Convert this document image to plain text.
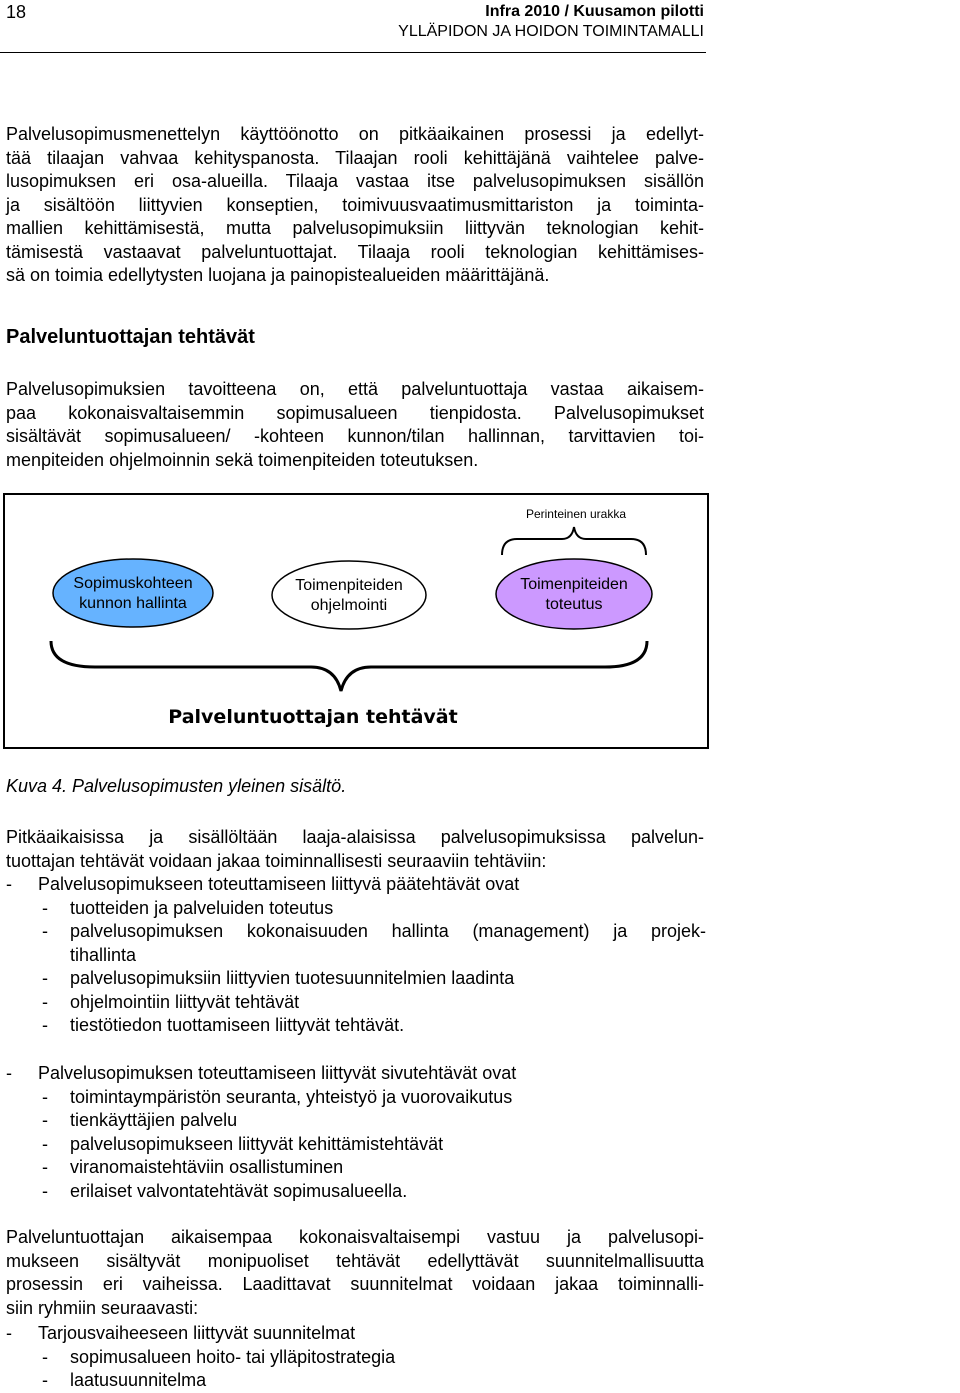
18	Infra 2010 / Kuusamon pilotti
YLLÄPIDON JA HOIDON TOIMINTAMALLI

Palvelusopimusmenettelyn käyttöönotto on pitkäaikainen prosessi ja edellyt-
tää tilaajan vahvaa kehityspanosta. Tilaajan rooli kehittäjänä vaihtelee palve-
lusopimuksen eri osa-alueilla. Tilaaja vastaa itse palvelusopimuksen sisällön
ja sisältöön liittyvien konseptien, toimivuusvaatimusmittariston ja toiminta-
mallien kehittämisestä, mutta palvelusopimuksiin liittyvän teknologian kehit-
tämisestä vastaavat palveluntuottajat. Tilaaja rooli teknologian kehittämises-
sä on toimia edellytysten luojana ja painopistealueiden määrittäjänä.

Palveluntuottajan tehtävät

Palvelusopimuksien tavoitteena on, että palveluntuottaja vastaa aikaisem-
paa kokonaisvaltaisemmin sopimusalueen tienpidosta. Palvelusopimukset
sisältävät sopimusalueen/ -kohteen kunnon/tilan hallinnan, tarvittavien toi-
menpiteiden ohjelmoinnin sekä toimenpiteiden toteutuksen.

Perinteinen urakka
Sopimuskohteen
kunnon hallinta
Toimenpiteiden
ohjelmointi
Toimenpiteiden
toteutus
Palveluntuottajan tehtävät
Kuva 4. Palvelusopimusten yleinen sisältö.

Pitkäaikaisissa ja sisällöltään laaja-alaisissa palvelusopimuksissa palvelun-
tuottajan tehtävät voidaan jakaa toiminnallisesti seuraaviin tehtäviin:

- Palvelusopimukseen toteuttamiseen liittyvä päätehtävät ovat
- tuotteiden ja palveluiden toteutus
- palvelusopimuksen kokonaisuuden hallinta (management) ja projek-
tihallinta
- palvelusopimuksiin liittyvien tuotesuunnitelmien laadinta
- ohjelmointiin liittyvät tehtävät
- tiestötiedon tuottamiseen liittyvät tehtävät.
- Palvelusopimuksen toteuttamiseen liittyvät sivutehtävät ovat
- toimintaympäristön seuranta, yhteistyö ja vuorovaikutus
- tienkäyttäjien palvelu
- palvelusopimukseen liittyvät kehittämistehtävät
- viranomaistehtäviin osallistuminen
- erilaiset valvontatehtävät sopimusalueella.

Palveluntuottajan aikaisempaa kokonaisvaltaisempi vastuu ja palvelusopi-
mukseen sisältyvät monipuoliset tehtävät edellyttävät suunnitelmallisuutta
prosessin eri vaiheissa. Laadittavat suunnitelmat voidaan jakaa toiminnalli-
siin ryhmiin seuraavasti:

- Tarjousvaiheeseen liittyvät suunnitelmat
- sopimusalueen hoito- tai ylläpitostrategia
- laatusuunnitelma
